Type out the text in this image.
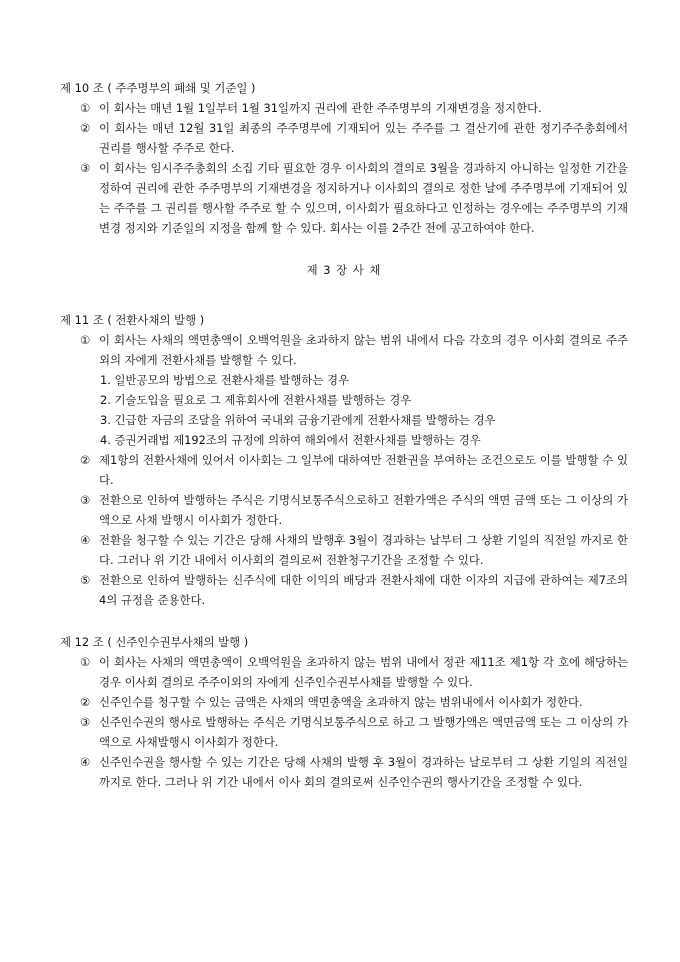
제 10 조 ( 주주명부의 폐쇄 및 기준일 )
① 이 회사는 매년 1월 1일부터 1월 31일까지 권리에 관한 주주명부의 기재변경을 정지한다.
② 이 회사는 매년 12월 31일 최종의 주주명부에 기재되어 있는 주주를 그 결산기에 관한 정기주주총회에서 권리를 행사할 주주로 한다.
③ 이 회사는 임시주주총회의 소집 기타 필요한 경우 이사회의 결의로 3월을 경과하지 아니하는 일정한 기간을 정하여 권리에 관한 주주명부의 기재변경을 정지하거나 이사회의 결의로 정한 날에 주주명부에 기재되어 있는 주주를 그 권리를 행사할 주주로 할 수 있으며, 이사회가 필요하다고 인정하는 경우에는 주주명부의 기재변경 정지와 기준일의 지정을 함께 할 수 있다. 회사는 이를 2주간 전에 공고하여야 한다.
제 3 장 사 채
제 11 조 ( 전환사채의 발행 )
① 이 회사는 사채의 액면총액이 오백억원을 초과하지 않는 범위 내에서 다음 각호의 경우 이사회 결의로 주주외의 자에게 전환사채를 발행할 수 있다.
1. 일반공모의 방법으로 전환사채를 발행하는 경우
2. 기술도입을 필요로 그 제휴회사에 전환사채를 발행하는 경우
3. 긴급한 자금의 조달을 위하여 국내외 금융기관에게 전환사채를 발행하는 경우
4. 증권거래법 제192조의 규정에 의하여 해외에서 전환사채를 발행하는 경우
② 제1항의 전환사채에 있어서 이사회는 그 일부에 대하여만 전환권을 부여하는 조건으로도 이를 발행할 수 있다.
③ 전환으로 인하여 발행하는 주식은 기명식보통주식으로하고 전환가액은 주식의 액면 금액 또는 그 이상의 가액으로 사채 발행시 이사회가 정한다.
④ 전환을 청구할 수 있는 기간은 당해 사채의 발행후 3월이 경과하는 날부터 그 상환 기일의 직전일 까지로 한다. 그러나 위 기간 내에서 이사회의 결의로써 전환청구기간을 조정할 수 있다.
⑤ 전환으로 인하여 발행하는 신주식에 대한 이익의 배당과 전환사채에 대한 이자의 지급에 관하여는 제7조의 4의 규정을 준용한다.
제 12 조 ( 신주인수권부사채의 발행 )
① 이 회사는 사채의 액면총액이 오백억원을 초과하지 않는 범위 내에서 정관 제11조 제1항 각 호에 해당하는 경우 이사회 결의로 주주이외의 자에게 신주인수권부사채를 발행할 수 있다.
② 신주인수를 청구할 수 있는 금액은 사채의 액면총액을 초과하지 않는 범위내에서 이사회가 정한다.
③ 신주인수권의 행사로 발행하는 주식은 기명식보통주식으로 하고 그 발행가액은 액면금액 또는 그 이상의 가액으로 사채발행시 이사회가 정한다.
④ 신주인수권을 행사할 수 있는 기간은 당해 사채의 발행 후 3월이 경과하는 날로부터 그 상환 기일의 직전일 까지로 한다. 그러나 위 기간 내에서 이사 회의 결의로써 신주인수권의 행사기간을 조정할 수 있다.
